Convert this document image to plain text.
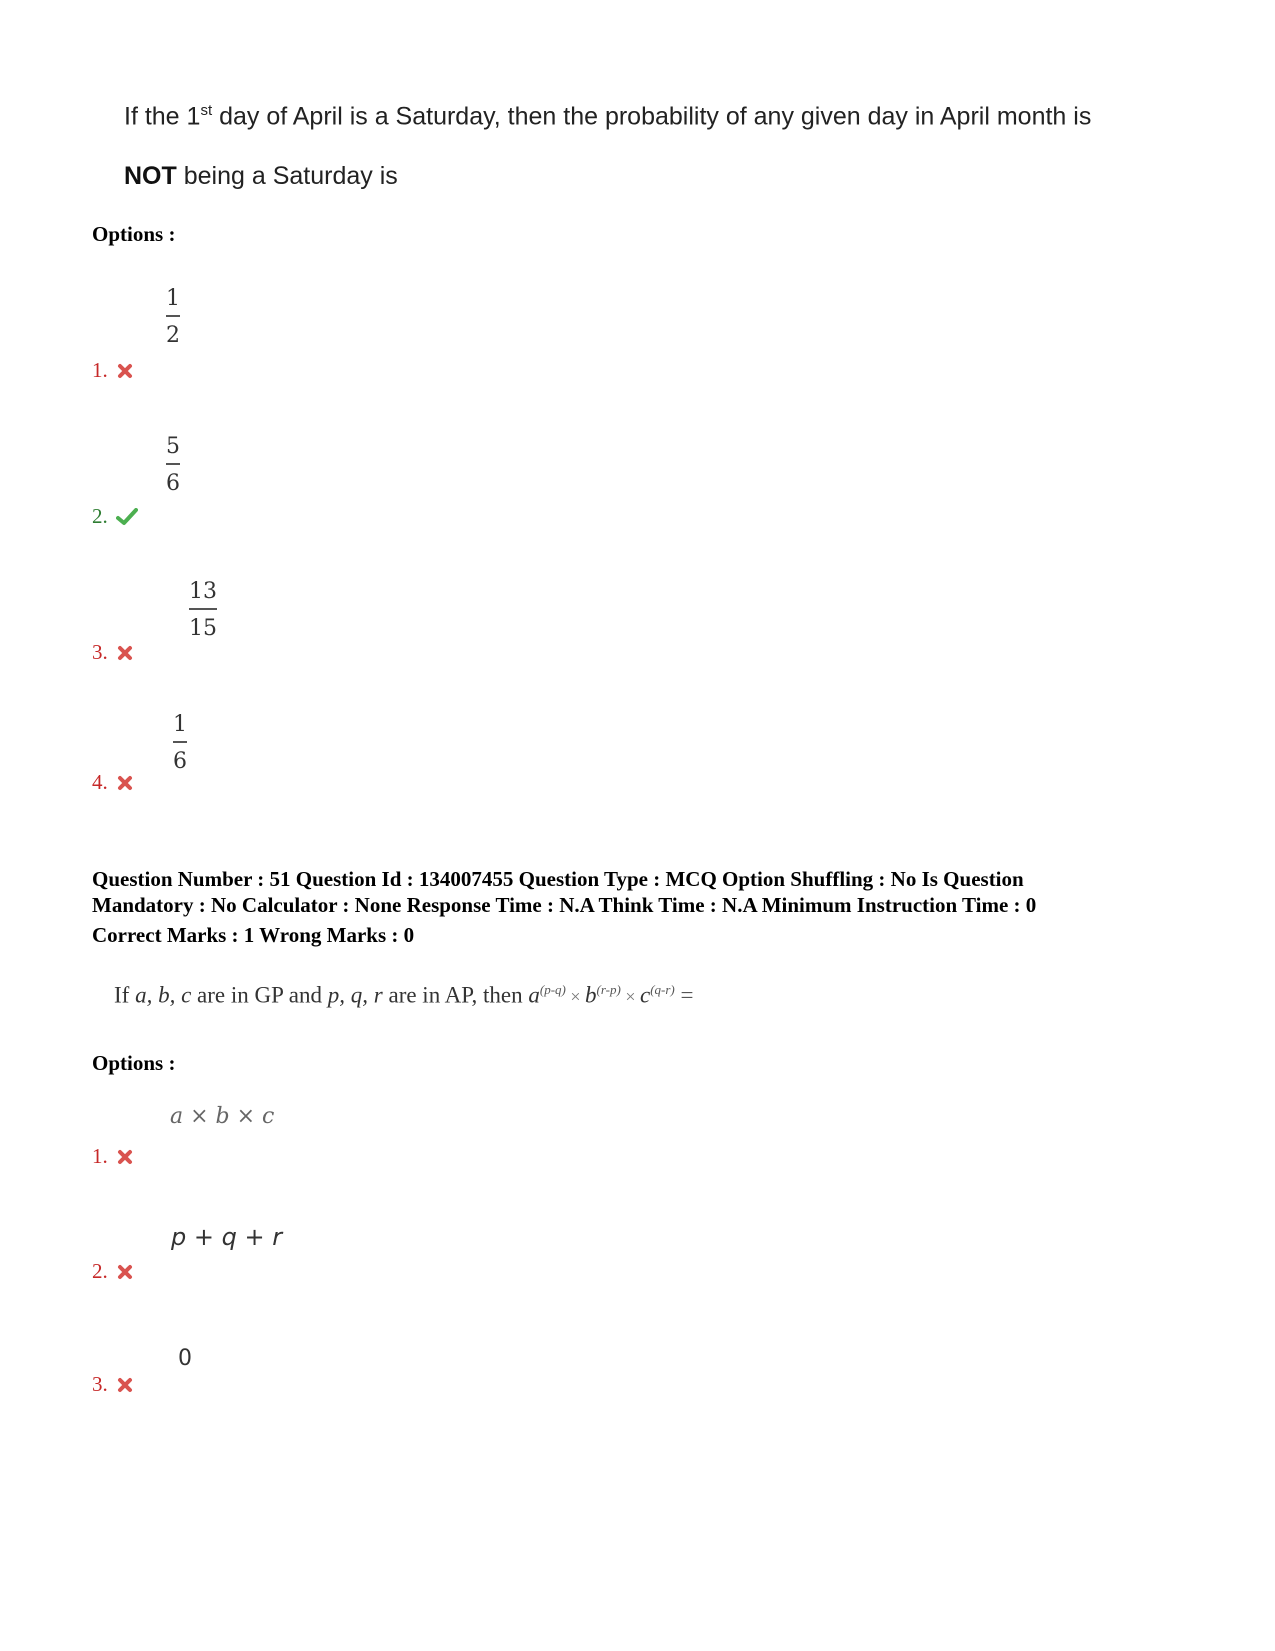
If the 1st day of April is a Saturday, then the probability of any given day in April month is
NOT being a Saturday is
Options :
1
2
1.
5
6
2.
13
15
3.
1
6
4.
Question Number : 51 Question Id : 134007455 Question Type : MCQ Option Shuffling : No Is Question
Mandatory : No Calculator : None Response Time : N.A Think Time : N.A Minimum Instruction Time : 0
Correct Marks : 1 Wrong Marks : 0
If a, b, c are in GP and p, q, r are in AP, then $a^{(p-q)} \times b^{(r-p)} \times c^{(q-r)}$ =
Options :
a × b × c
1.
p + q + r
2.
0
3.
